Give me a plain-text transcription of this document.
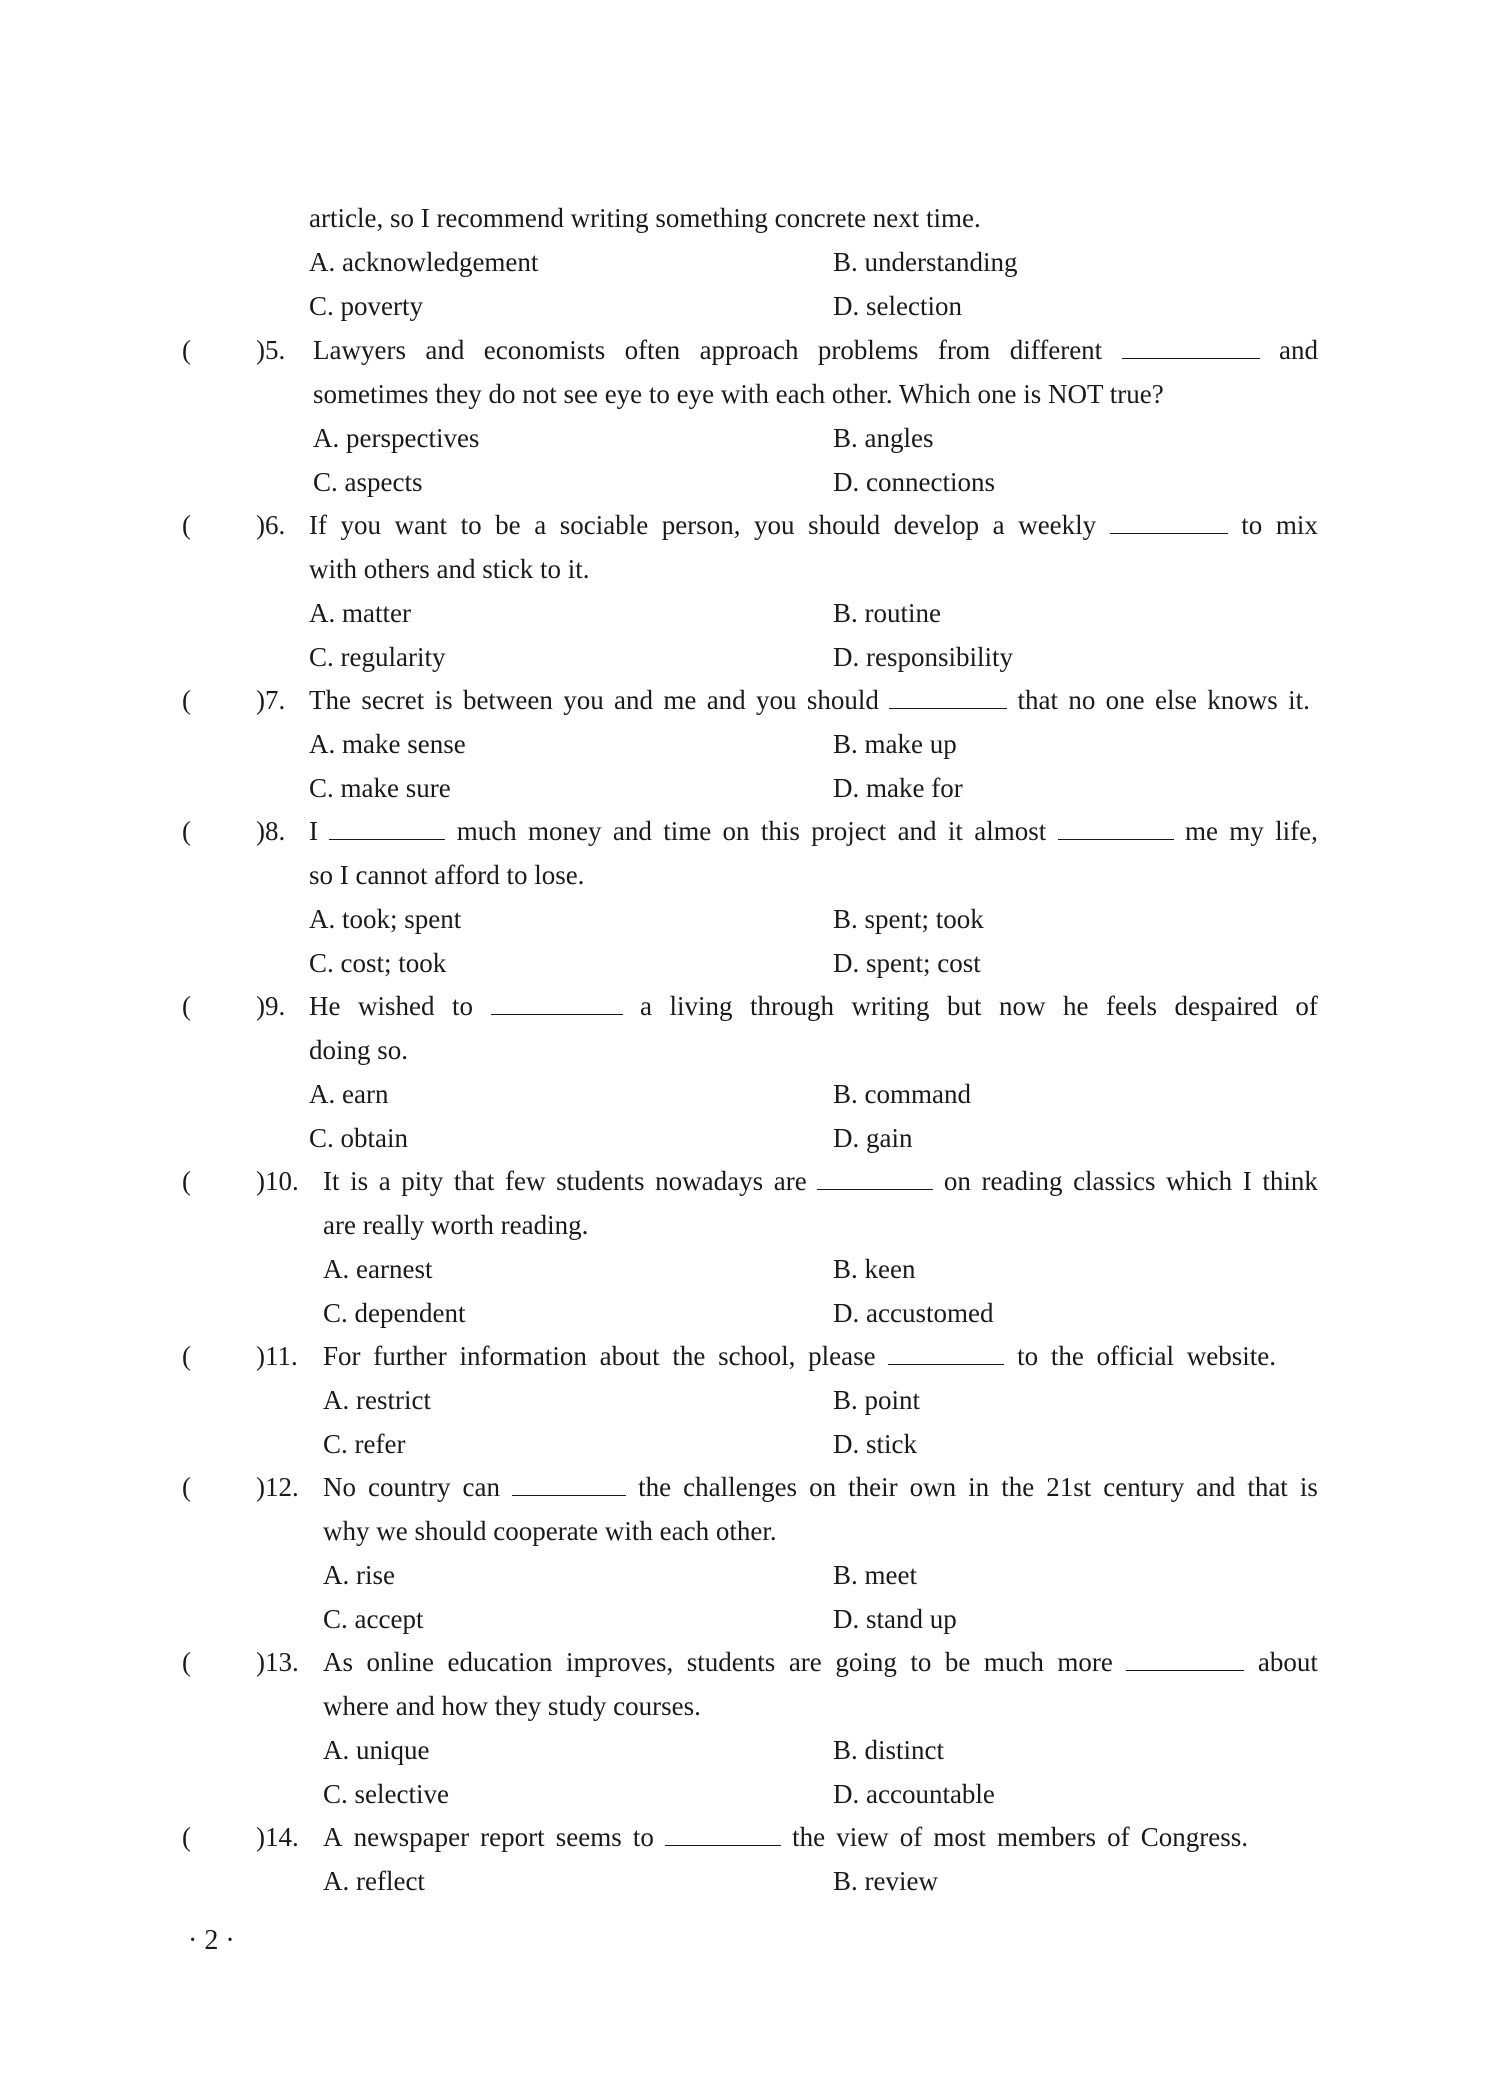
article, so I recommend writing something concrete next time.
A. acknowledgement	B. understanding
C. poverty	D. selection
( )5. Lawyers and economists often approach problems from different	and
sometimes they do not see eye to eye with each other. Which one is NOT true?
A. perspectives	B. angles
C. aspects	D. connections
( )6. If you want to be a sociable person, you should develop a weekly	to mix
with others and stick to it.
A. matter	B. routine
C. regularity	D. responsibility
( )7. The secret is between you and me and you should	that no one else knows it.
A. make sense	B. make up
C. make sure	D. make for
( )8. I	much money and time on this project and it almost	me my life,
so I cannot afford to lose.
A. took; spent	B. spent; took
C. cost; took	D. spent; cost
( )9. He wished to	a living through writing but now he feels despaired of
doing so.
A. earn	B. command
C. obtain	D. gain
( )10. It is a pity that few students nowadays are	on reading classics which I think
are really worth reading.
A. earnest	B. keen
C. dependent	D. accustomed
( )11. For further information about the school, please	to the official website.
A. restrict	B. point
C. refer	D. stick
( )12. No country can	the challenges on their own in the 21st century and that is
why we should cooperate with each other.
A. rise	B. meet
C. accept	D. stand up
( )13. As online education improves, students are going to be much more	about
where and how they study courses.
A. unique	B. distinct
C. selective	D. accountable
( )14. A newspaper report seems to	the view of most members of Congress.
A. reflect	B. review
· 2 ·
